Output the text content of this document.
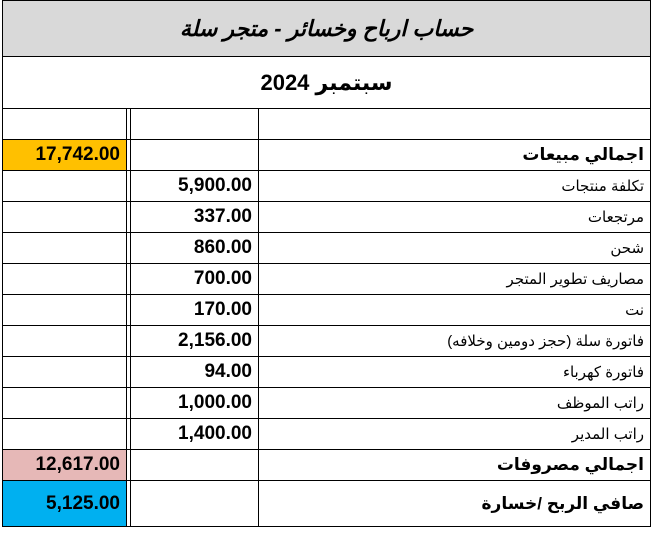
حساب ارباح وخسائر - متجر سلة			
سبتمبر 2024			

17,742.00			اجمالي مبيعات
		5,900.00	تكلفة منتجات
		337.00	مرتجعات
		860.00	شحن
		700.00	مصاريف تطوير المتجر
		170.00	نت
		2,156.00	فاتورة سلة (حجز دومين وخلافه)
		94.00	فاتورة كهرباء
		1,000.00	راتب الموظف
		1,400.00	راتب المدير
12,617.00			اجمالي مصروفات
5,125.00			صافي الربح /خسارة
